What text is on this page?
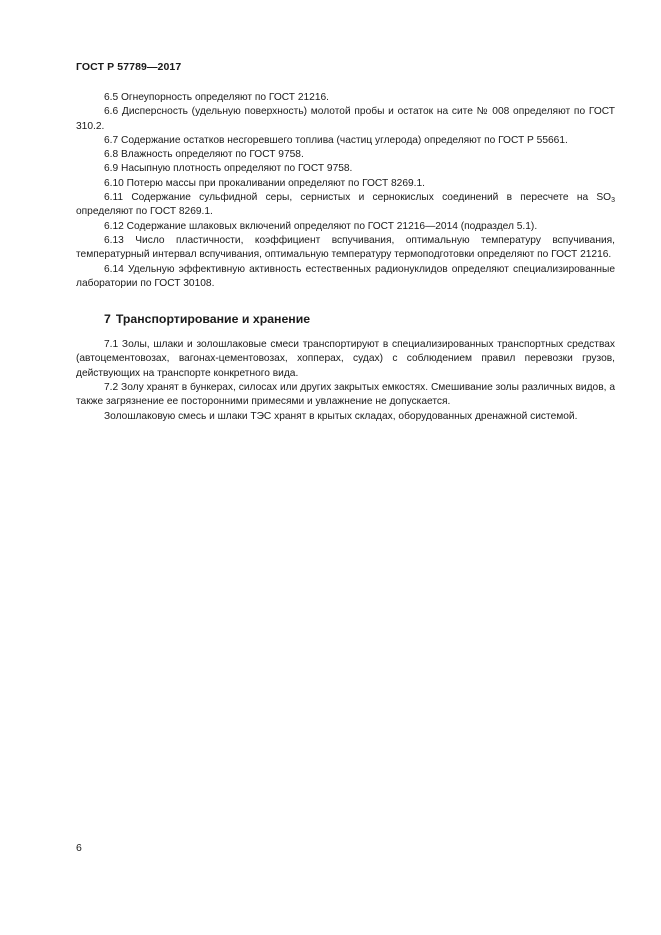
ГОСТ Р 57789—2017

6.5 Огнеупорность определяют по ГОСТ 21216.

6.6 Дисперсность (удельную поверхность) молотой пробы и остаток на сите № 008 определяют по ГОСТ 310.2.

6.7 Содержание остатков несгоревшего топлива (частиц углерода) определяют по ГОСТ Р 55661.

6.8 Влажность определяют по ГОСТ 9758.

6.9 Насыпную плотность определяют по ГОСТ 9758.

6.10 Потерю массы при прокаливании определяют по ГОСТ 8269.1.

6.11 Содержание сульфидной серы, сернистых и сернокислых соединений в пересчете на $SO_3$ определяют по ГОСТ 8269.1.

6.12 Содержание шлаковых включений определяют по ГОСТ 21216—2014 (подраздел 5.1).

6.13 Число пластичности, коэффициент вспучивания, оптимальную температуру вспучивания, температурный интервал вспучивания, оптимальную температуру термоподготовки определяют по ГОСТ 21216.

6.14 Удельную эффективную активность естественных радионуклидов определяют специализированные лаборатории по ГОСТ 30108.

7 Транспортирование и хранение

7.1 Золы, шлаки и золошлаковые смеси транспортируют в специализированных транспортных средствах (автоцементовозах, вагонах-цементовозах, хопперах, судах) с соблюдением правил перевозки грузов, действующих на транспорте конкретного вида.

7.2 Золу хранят в бункерах, силосах или других закрытых емкостях. Смешивание золы различных видов, а также загрязнение ее посторонними примесями и увлажнение не допускается.

Золошлаковую смесь и шлаки ТЭС хранят в крытых складах, оборудованных дренажной системой.

6
